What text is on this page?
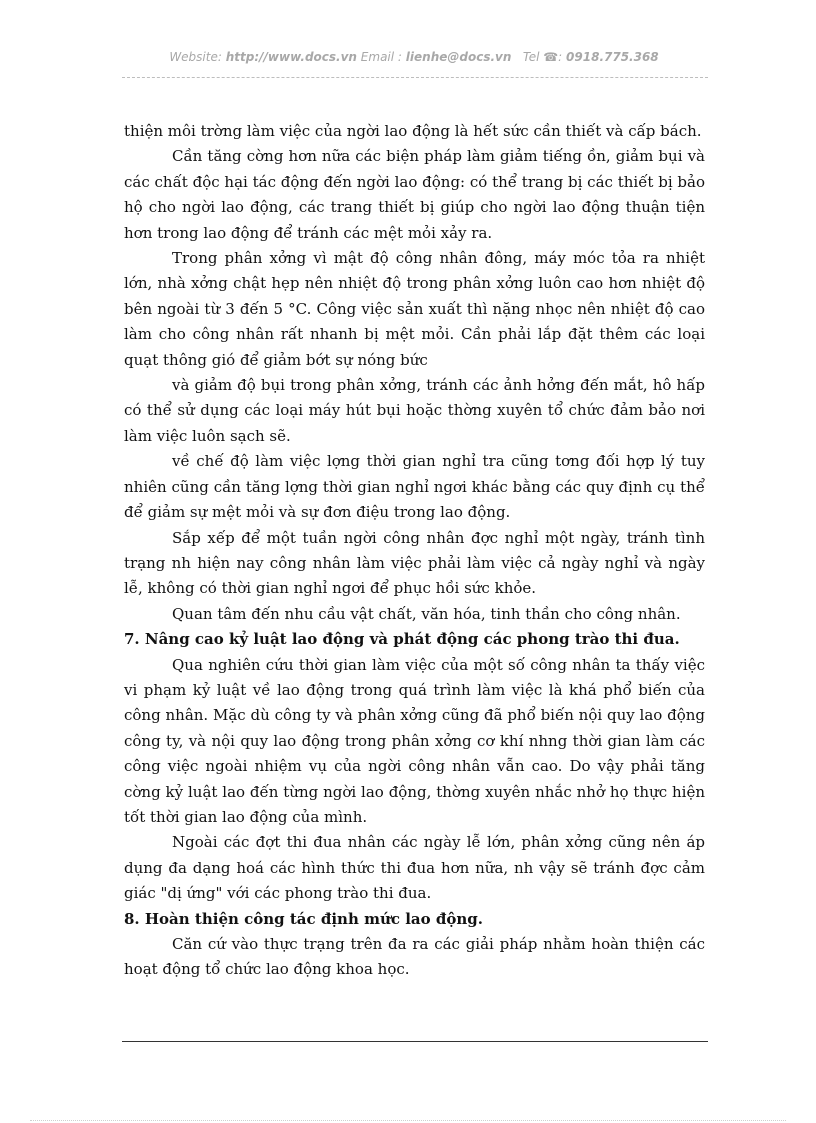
Website: http://www.docs.vn Email : lienhe@docs.vn Tel ☎: 0918.775.368

thiện môi trờng làm việc của ngời lao động là hết sức cần thiết và cấp bách.

Cần tăng cờng hơn nữa các biện pháp làm giảm tiếng ồn, giảm bụi và các chất độc hại tác động đến ngời lao động: có thể trang bị các thiết bị bảo hộ cho ngời lao động, các trang thiết bị giúp cho ngời lao động thuận tiện hơn trong lao động để tránh các mệt mỏi xảy ra.

Trong phân xởng vì mật độ công nhân đông, máy móc tỏa ra nhiệt lớn, nhà xởng chật hẹp nên nhiệt độ trong phân xởng luôn cao hơn nhiệt độ bên ngoài từ 3 đến 5 °C. Công việc sản xuất thì nặng nhọc nên nhiệt độ cao làm cho công nhân rất nhanh bị mệt mỏi. Cần phải lắp đặt thêm các loại quạt thông gió để giảm bớt sự nóng bức

và giảm độ bụi trong phân xởng, tránh các ảnh hởng đến mắt, hô hấp có thể sử dụng các loại máy hút bụi hoặc thờng xuyên tổ chức đảm bảo nơi làm việc luôn sạch sẽ.

về chế độ làm việc lợng thời gian nghỉ tra cũng tơng đối hợp lý tuy nhiên cũng cần tăng lợng thời gian nghỉ ngơi khác bằng các quy định cụ thể để giảm sự mệt mỏi và sự đơn điệu trong lao động.

Sắp xếp để một tuần ngời công nhân đợc nghỉ một ngày, tránh tình trạng nh hiện nay công nhân làm việc phải làm việc cả ngày nghỉ và ngày lễ, không có thời gian nghỉ ngơi để phục hồi sức khỏe.

Quan tâm đến nhu cầu vật chất, văn hóa, tinh thần cho công nhân.

7. Nâng cao kỷ luật lao động và phát động các phong trào thi đua.

Qua nghiên cứu thời gian làm việc của một số công nhân ta thấy việc vi phạm kỷ luật về lao động trong quá trình làm việc là khá phổ biến của công nhân. Mặc dù công ty và phân xởng cũng đã phổ biến nội quy lao động công ty, và nội quy lao động trong phân xởng cơ khí nhng thời gian làm các công việc ngoài nhiệm vụ của ngời công nhân vẫn cao. Do vậy phải tăng cờng kỷ luật lao đến từng ngời lao động, thờng xuyên nhắc nhở họ thực hiện tốt thời gian lao động của mình.

Ngoài các đợt thi đua nhân các ngày lễ lớn, phân xởng cũng nên áp dụng đa dạng hoá các hình thức thi đua hơn nữa, nh vậy sẽ tránh đợc cảm giác "dị ứng" với các phong trào thi đua.

8. Hoàn thiện công tác định mức lao động.

Căn cứ vào thực trạng trên đa ra các giải pháp nhằm hoàn thiện các hoạt động tổ chức lao động khoa học.
